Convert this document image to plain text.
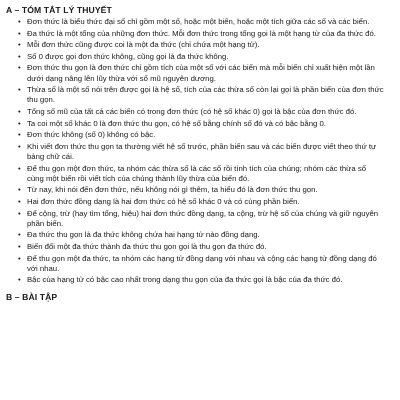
A – TÓM TẮT LÝ THUYẾT
• Đơn thức là biểu thức đại số chỉ gồm một số, hoặc một biến, hoặc một tích giữa các số và các biến.
• Đa thức là một tổng của những đơn thức. Mỗi đơn thức trong tổng gọi là một hạng tử của đa thức đó.
• Mỗi đơn thức cũng được coi là một đa thức (chỉ chứa một hạng tử).
• Số 0 được gọi đơn thức không, cũng gọi là đa thức không.
• Đơn thức thu gọn là đơn thức chỉ gồm tích của một số với các biến mà mỗi biến chỉ xuất hiện một lần dưới dạng nâng lên lũy thừa với số mũ nguyên dương.
• Thừa số là một số nói trên được gọi là hệ số, tích của các thừa số còn lại gọi là phần biến của đơn thức thu gọn.
• Tổng số mũ của tất cả các biến có trong đơn thức (có hệ số khác 0) gọi là bậc của đơn thức đó.
• Ta coi một số khác 0 là đơn thức thu gọn, có hệ số bằng chính số đó và có bậc bằng 0.
• Đơn thức không (số 0) không có bậc.
• Khi viết đơn thức thu gọn ta thường viết hệ số trước, phần biến sau và các biến được viết theo thứ tự bảng chữ cái.
• Để thu gọn một đơn thức, ta nhóm các thừa số là các số rồi tính tích của chúng; nhóm các thừa số cùng một biến rồi viết tích của chúng thành lũy thừa của biến đó.
• Từ nay, khi nói đến đơn thức, nếu không nói gì thêm, ta hiểu đó là đơn thức thu gọn.
• Hai đơn thức đồng dạng là hai đơn thức có hệ số khác 0 và có cùng phần biến.
• Để cộng, trừ (hay tìm tổng, hiệu) hai đơn thức đồng dạng, ta cộng, trừ hệ số của chúng và giữ nguyên phần biến.
• Đa thức thu gọn là đa thức không chứa hai hạng tử nào đồng dạng.
• Biến đổi một đa thức thành đa thức thu gọn gọi là thu gọn đa thức đó.
• Để thu gọn một đa thức, ta nhóm các hạng tử đồng dạng với nhau và cộng các hạng tử đồng dạng đó với nhau.
• Bậc của hạng tử có bậc cao nhất trong dạng thu gọn của đa thức gọi là bậc của đa thức đó.
B – BÀI TẬP
